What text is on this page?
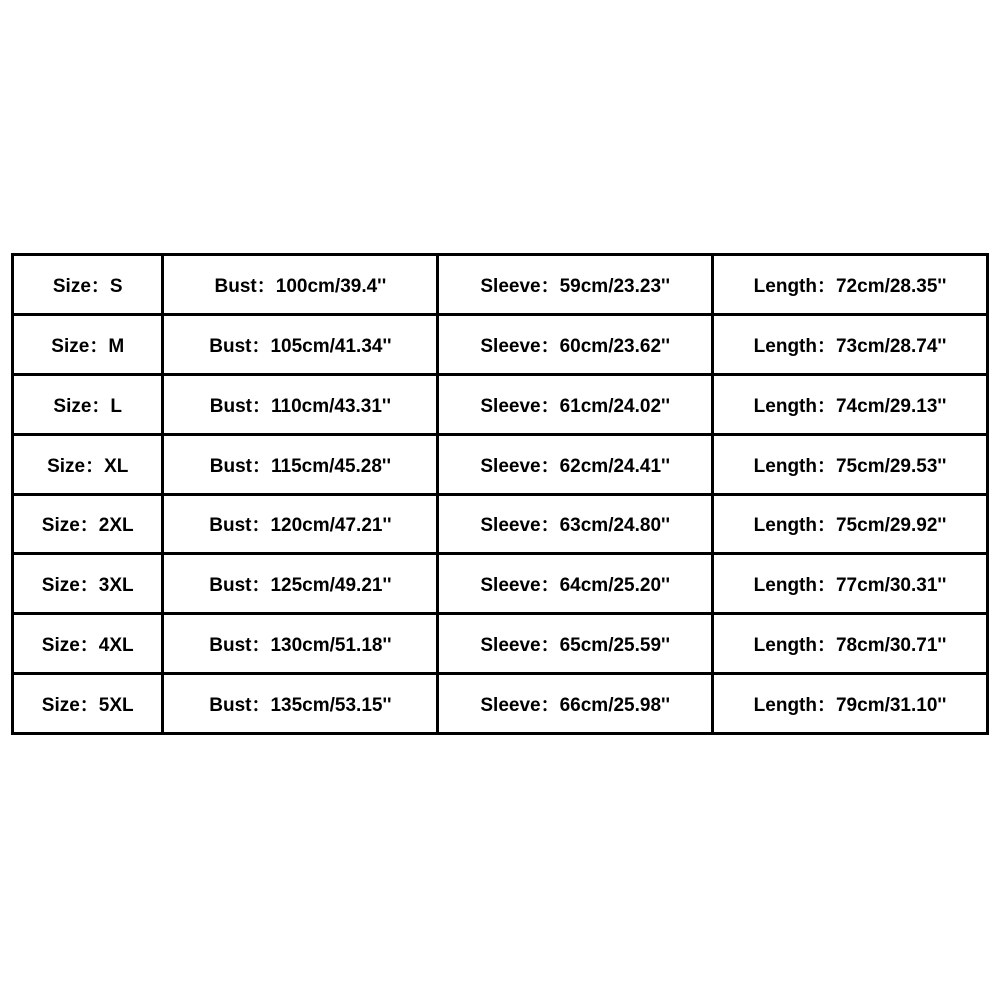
Size：S	Bust：100cm/39.4''	Sleeve：59cm/23.23''	Length：72cm/28.35''
Size：M	Bust：105cm/41.34''	Sleeve：60cm/23.62''	Length：73cm/28.74''
Size：L	Bust：110cm/43.31''	Sleeve：61cm/24.02''	Length：74cm/29.13''
Size：XL	Bust：115cm/45.28''	Sleeve：62cm/24.41''	Length：75cm/29.53''
Size：2XL	Bust：120cm/47.21''	Sleeve：63cm/24.80''	Length：75cm/29.92''
Size：3XL	Bust：125cm/49.21''	Sleeve：64cm/25.20''	Length：77cm/30.31''
Size：4XL	Bust：130cm/51.18''	Sleeve：65cm/25.59''	Length：78cm/30.71''
Size：5XL	Bust：135cm/53.15''	Sleeve：66cm/25.98''	Length：79cm/31.10''
